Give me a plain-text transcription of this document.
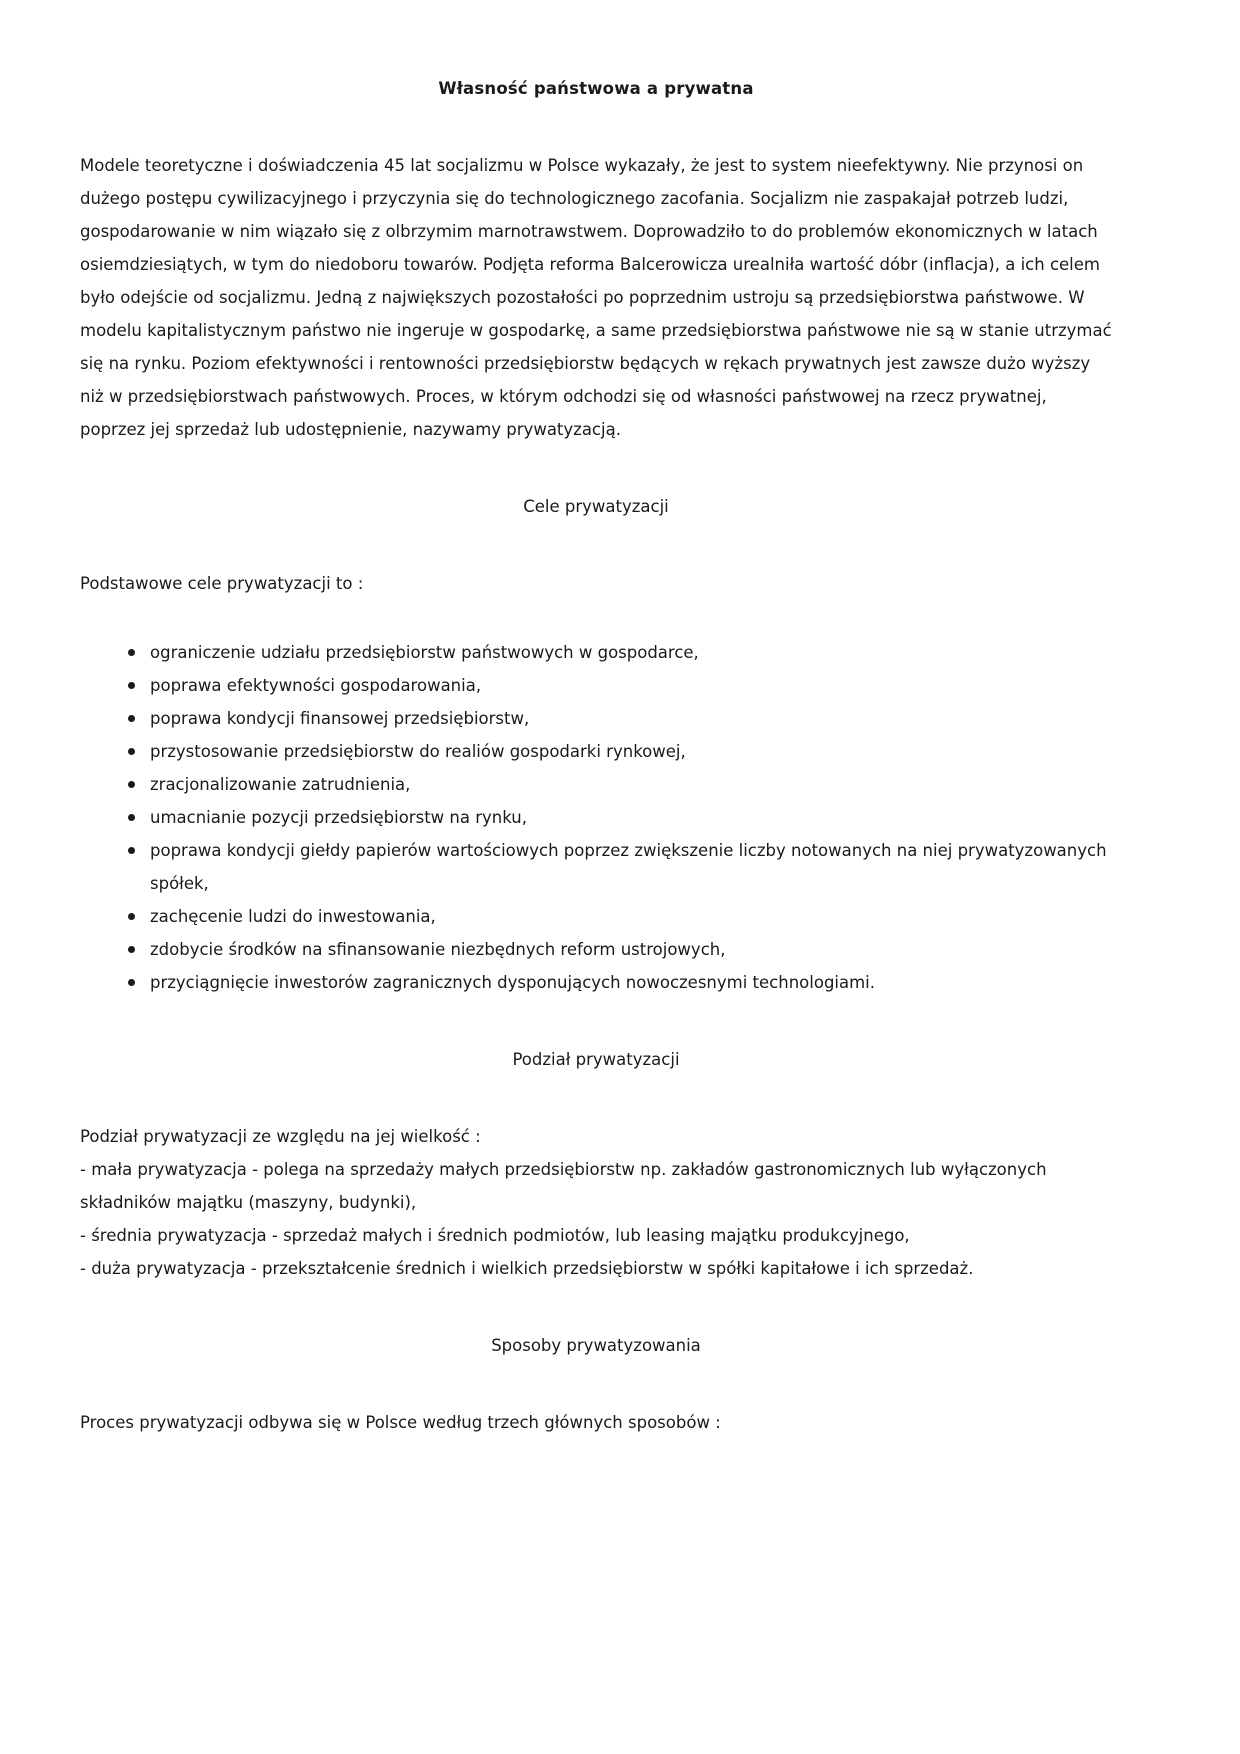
Własność państwowa a prywatna

Modele teoretyczne i doświadczenia 45 lat socjalizmu w Polsce wykazały, że jest to system nieefektywny. Nie przynosi on dużego postępu cywilizacyjnego i przyczynia się do technologicznego zacofania. Socjalizm nie zaspakajał potrzeb ludzi, gospodarowanie w nim wiązało się z olbrzymim marnotrawstwem. Doprowadziło to do problemów ekonomicznych w latach osiemdziesiątych, w tym do niedoboru towarów. Podjęta reforma Balcerowicza urealniła wartość dóbr (inflacja), a ich celem było odejście od socjalizmu. Jedną z największych pozostałości po poprzednim ustroju są przedsiębiorstwa państwowe. W modelu kapitalistycznym państwo nie ingeruje w gospodarkę, a same przedsiębiorstwa państwowe nie są w stanie utrzymać się na rynku. Poziom efektywności i rentowności przedsiębiorstw będących w rękach prywatnych jest zawsze dużo wyższy niż w przedsiębiorstwach państwowych. Proces, w którym odchodzi się od własności państwowej na rzecz prywatnej, poprzez jej sprzedaż lub udostępnienie, nazywamy prywatyzacją.

Cele prywatyzacji

Podstawowe cele prywatyzacji to :

ograniczenie udziału przedsiębiorstw państwowych w gospodarce,
poprawa efektywności gospodarowania,
poprawa kondycji finansowej przedsiębiorstw,
przystosowanie przedsiębiorstw do realiów gospodarki rynkowej,
zracjonalizowanie zatrudnienia,
umacnianie pozycji przedsiębiorstw na rynku,
poprawa kondycji giełdy papierów wartościowych poprzez zwiększenie liczby notowanych na niej prywatyzowanych spółek,
zachęcenie ludzi do inwestowania,
zdobycie środków na sfinansowanie niezbędnych reform ustrojowych,
przyciągnięcie inwestorów zagranicznych dysponujących nowoczesnymi technologiami.
Podział prywatyzacji

Podział prywatyzacji ze względu na jej wielkość :

- mała prywatyzacja - polega na sprzedaży małych przedsiębiorstw np. zakładów gastronomicznych lub wyłączonych składników majątku (maszyny, budynki),

- średnia prywatyzacja - sprzedaż małych i średnich podmiotów, lub leasing majątku produkcyjnego,

- duża prywatyzacja - przekształcenie średnich i wielkich przedsiębiorstw w spółki kapitałowe i ich sprzedaż.

Sposoby prywatyzowania

Proces prywatyzacji odbywa się w Polsce według trzech głównych sposobów :
